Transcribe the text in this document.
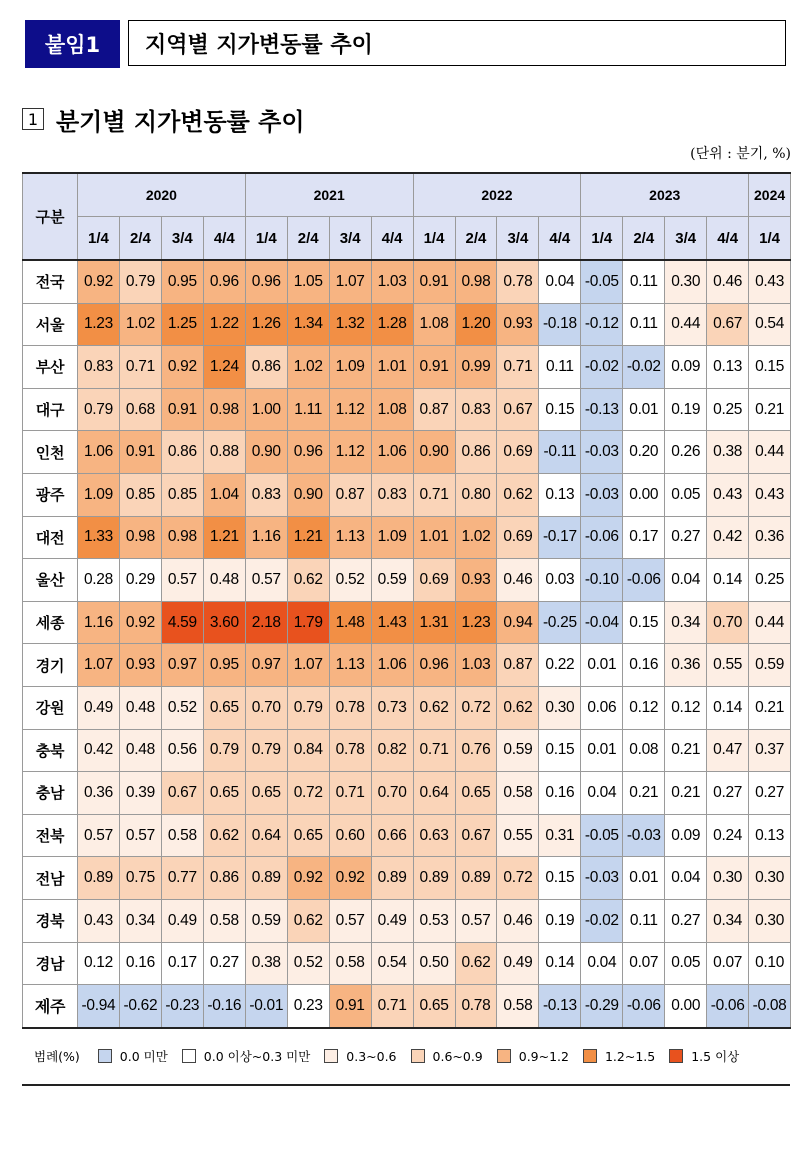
붙임1	지역별 지가변동률 추이
1 분기별 지가변동률 추이
(단위 : 분기, %)
구분	2020				2021				2022				2023				2024
	1/4	2/4	3/4	4/4	1/4	2/4	3/4	4/4	1/4	2/4	3/4	4/4	1/4	2/4	3/4	4/4	1/4
전국	0.92	0.79	0.95	0.96	0.96	1.05	1.07	1.03	0.91	0.98	0.78	0.04	-0.05	0.11	0.30	0.46	0.43
서울	1.23	1.02	1.25	1.22	1.26	1.34	1.32	1.28	1.08	1.20	0.93	-0.18	-0.12	0.11	0.44	0.67	0.54
부산	0.83	0.71	0.92	1.24	0.86	1.02	1.09	1.01	0.91	0.99	0.71	0.11	-0.02	-0.02	0.09	0.13	0.15
대구	0.79	0.68	0.91	0.98	1.00	1.11	1.12	1.08	0.87	0.83	0.67	0.15	-0.13	0.01	0.19	0.25	0.21
인천	1.06	0.91	0.86	0.88	0.90	0.96	1.12	1.06	0.90	0.86	0.69	-0.11	-0.03	0.20	0.26	0.38	0.44
광주	1.09	0.85	0.85	1.04	0.83	0.90	0.87	0.83	0.71	0.80	0.62	0.13	-0.03	0.00	0.05	0.43	0.43
대전	1.33	0.98	0.98	1.21	1.16	1.21	1.13	1.09	1.01	1.02	0.69	-0.17	-0.06	0.17	0.27	0.42	0.36
울산	0.28	0.29	0.57	0.48	0.57	0.62	0.52	0.59	0.69	0.93	0.46	0.03	-0.10	-0.06	0.04	0.14	0.25
세종	1.16	0.92	4.59	3.60	2.18	1.79	1.48	1.43	1.31	1.23	0.94	-0.25	-0.04	0.15	0.34	0.70	0.44
경기	1.07	0.93	0.97	0.95	0.97	1.07	1.13	1.06	0.96	1.03	0.87	0.22	0.01	0.16	0.36	0.55	0.59
강원	0.49	0.48	0.52	0.65	0.70	0.79	0.78	0.73	0.62	0.72	0.62	0.30	0.06	0.12	0.12	0.14	0.21
충북	0.42	0.48	0.56	0.79	0.79	0.84	0.78	0.82	0.71	0.76	0.59	0.15	0.01	0.08	0.21	0.47	0.37
충남	0.36	0.39	0.67	0.65	0.65	0.72	0.71	0.70	0.64	0.65	0.58	0.16	0.04	0.21	0.21	0.27	0.27
전북	0.57	0.57	0.58	0.62	0.64	0.65	0.60	0.66	0.63	0.67	0.55	0.31	-0.05	-0.03	0.09	0.24	0.13
전남	0.89	0.75	0.77	0.86	0.89	0.92	0.92	0.89	0.89	0.89	0.72	0.15	-0.03	0.01	0.04	0.30	0.30
경북	0.43	0.34	0.49	0.58	0.59	0.62	0.57	0.49	0.53	0.57	0.46	0.19	-0.02	0.11	0.27	0.34	0.30
경남	0.12	0.16	0.17	0.27	0.38	0.52	0.58	0.54	0.50	0.62	0.49	0.14	0.04	0.07	0.05	0.07	0.10
제주	-0.94	-0.62	-0.23	-0.16	-0.01	0.23	0.91	0.71	0.65	0.78	0.58	-0.13	-0.29	-0.06	0.00	-0.06	-0.08
범례(%)	0.0 미만	0.0 이상~0.3 미만	0.3~0.6	0.6~0.9	0.9~1.2	1.2~1.5	1.5 이상
